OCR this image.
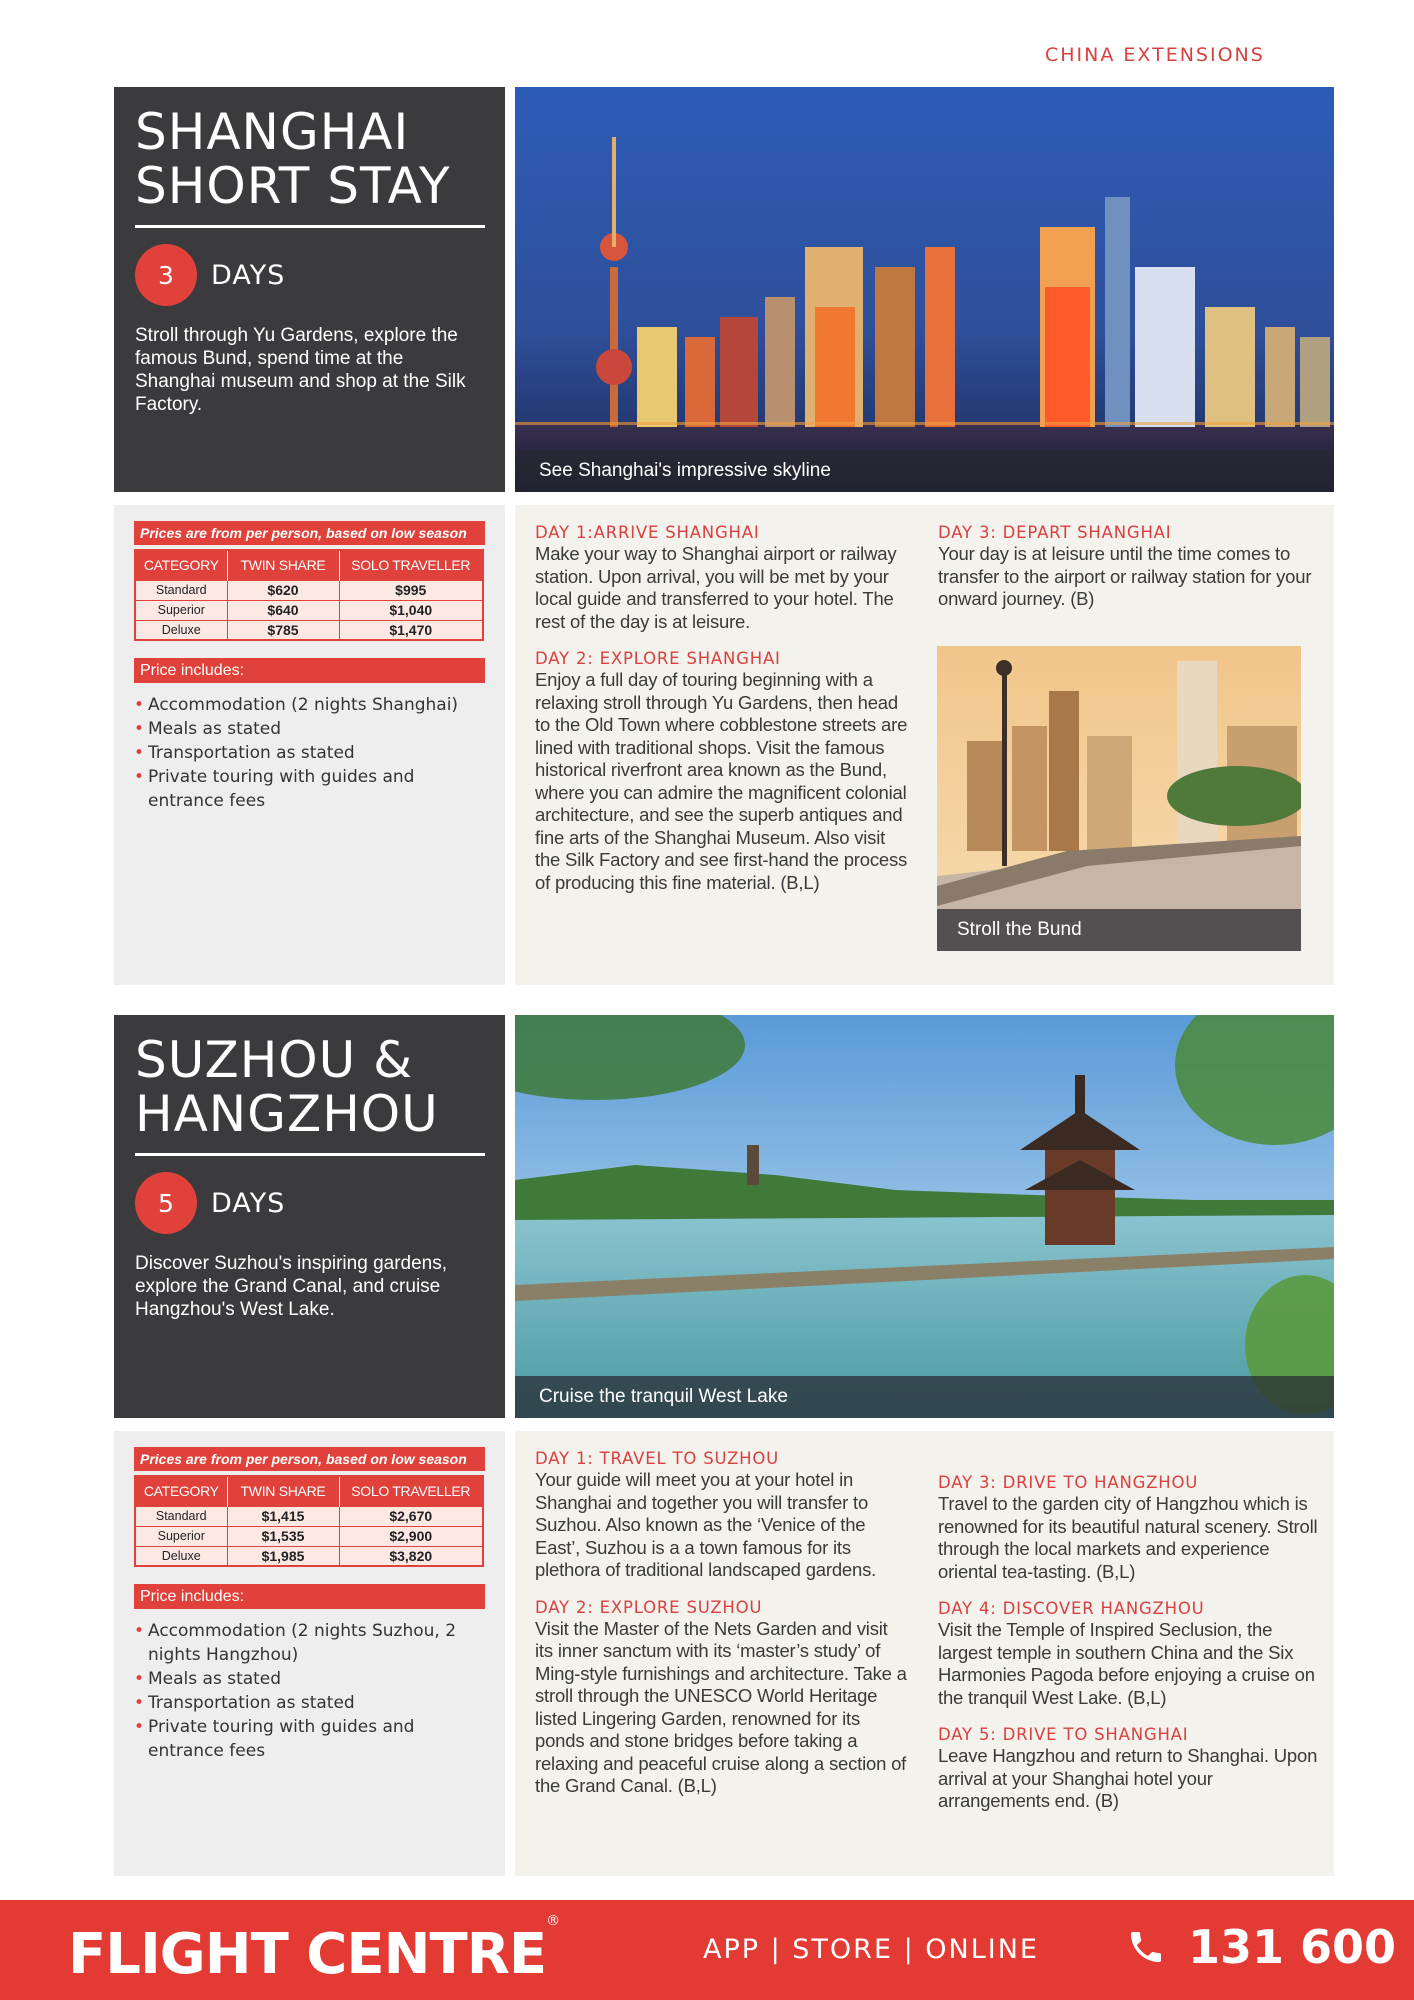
CHINA EXTENSIONS
SHANGHAI
SHORT STAY
3	DAYS
Stroll through Yu Gardens, explore the famous Bund, spend time at the Shanghai museum and shop at the Silk Factory.
See Shanghai's impressive skyline
Prices are from per person, based on low season
CATEGORY	TWIN SHARE	SOLO TRAVELLER
Standard	$620	$995
Superior	$640	$1,040
Deluxe	$785	$1,470
Price includes:
• Accommodation (2 nights Shanghai)
• Meals as stated
• Transportation as stated
• Private touring with guides and entrance fees
DAY 1:ARRIVE SHANGHAI
Make your way to Shanghai airport or railway station. Upon arrival, you will be met by your local guide and transferred to your hotel. The rest of the day is at leisure.
DAY 2: EXPLORE SHANGHAI
Enjoy a full day of touring beginning with a relaxing stroll through Yu Gardens, then head to the Old Town where cobblestone streets are lined with traditional shops. Visit the famous historical riverfront area known as the Bund, where you can admire the magnificent colonial architecture, and see the superb antiques and fine arts of the Shanghai Museum. Also visit the Silk Factory and see first-hand the process of producing this fine material. (B,L)
DAY 3: DEPART SHANGHAI
Your day is at leisure until the time comes to transfer to the airport or railway station for your onward journey. (B)
Stroll the Bund
SUZHOU &
HANGZHOU
5	DAYS
Discover Suzhou's inspiring gardens, explore the Grand Canal, and cruise Hangzhou's West Lake.
Cruise the tranquil West Lake
Prices are from per person, based on low season
CATEGORY	TWIN SHARE	SOLO TRAVELLER
Standard	$1,415	$2,670
Superior	$1,535	$2,900
Deluxe	$1,985	$3,820
Price includes:
• Accommodation (2 nights Suzhou, 2 nights Hangzhou)
• Meals as stated
• Transportation as stated
• Private touring with guides and entrance fees
DAY 1: TRAVEL TO SUZHOU
Your guide will meet you at your hotel in Shanghai and together you will transfer to Suzhou. Also known as the ‘Venice of the East’, Suzhou is a a town famous for its plethora of traditional landscaped gardens.
DAY 2: EXPLORE SUZHOU
Visit the Master of the Nets Garden and visit its inner sanctum with its ‘master’s study’ of Ming-style furnishings and architecture. Take a stroll through the UNESCO World Heritage listed Lingering Garden, renowned for its ponds and stone bridges before taking a relaxing and peaceful cruise along a section of the Grand Canal. (B,L)
DAY 3: DRIVE TO HANGZHOU
Travel to the garden city of Hangzhou which is renowned for its beautiful natural scenery. Stroll through the local markets and experience oriental tea-tasting. (B,L)
DAY 4: DISCOVER HANGZHOU
Visit the Temple of Inspired Seclusion, the largest temple in southern China and the Six Harmonies Pagoda before enjoying a cruise on the tranquil West Lake. (B,L)
DAY 5: DRIVE TO SHANGHAI
Leave Hangzhou and return to Shanghai. Upon arrival at your Shanghai hotel your arrangements end. (B)
FLIGHT CENTRE®
APP | STORE | ONLINE	131 600
